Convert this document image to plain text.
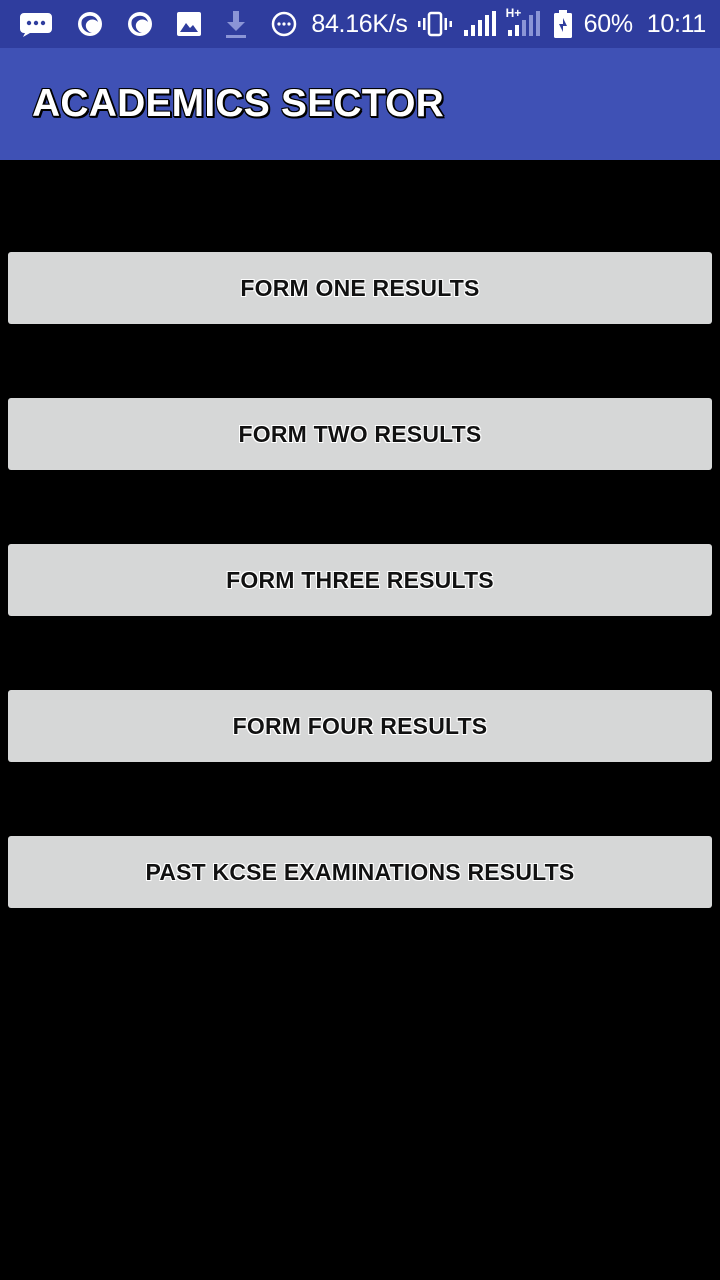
84.16K/s	H+ 60% 10:11
ACADEMICS SECTOR
FORM ONE RESULTS
FORM TWO RESULTS
FORM THREE RESULTS
FORM FOUR RESULTS
PAST KCSE EXAMINATIONS RESULTS
